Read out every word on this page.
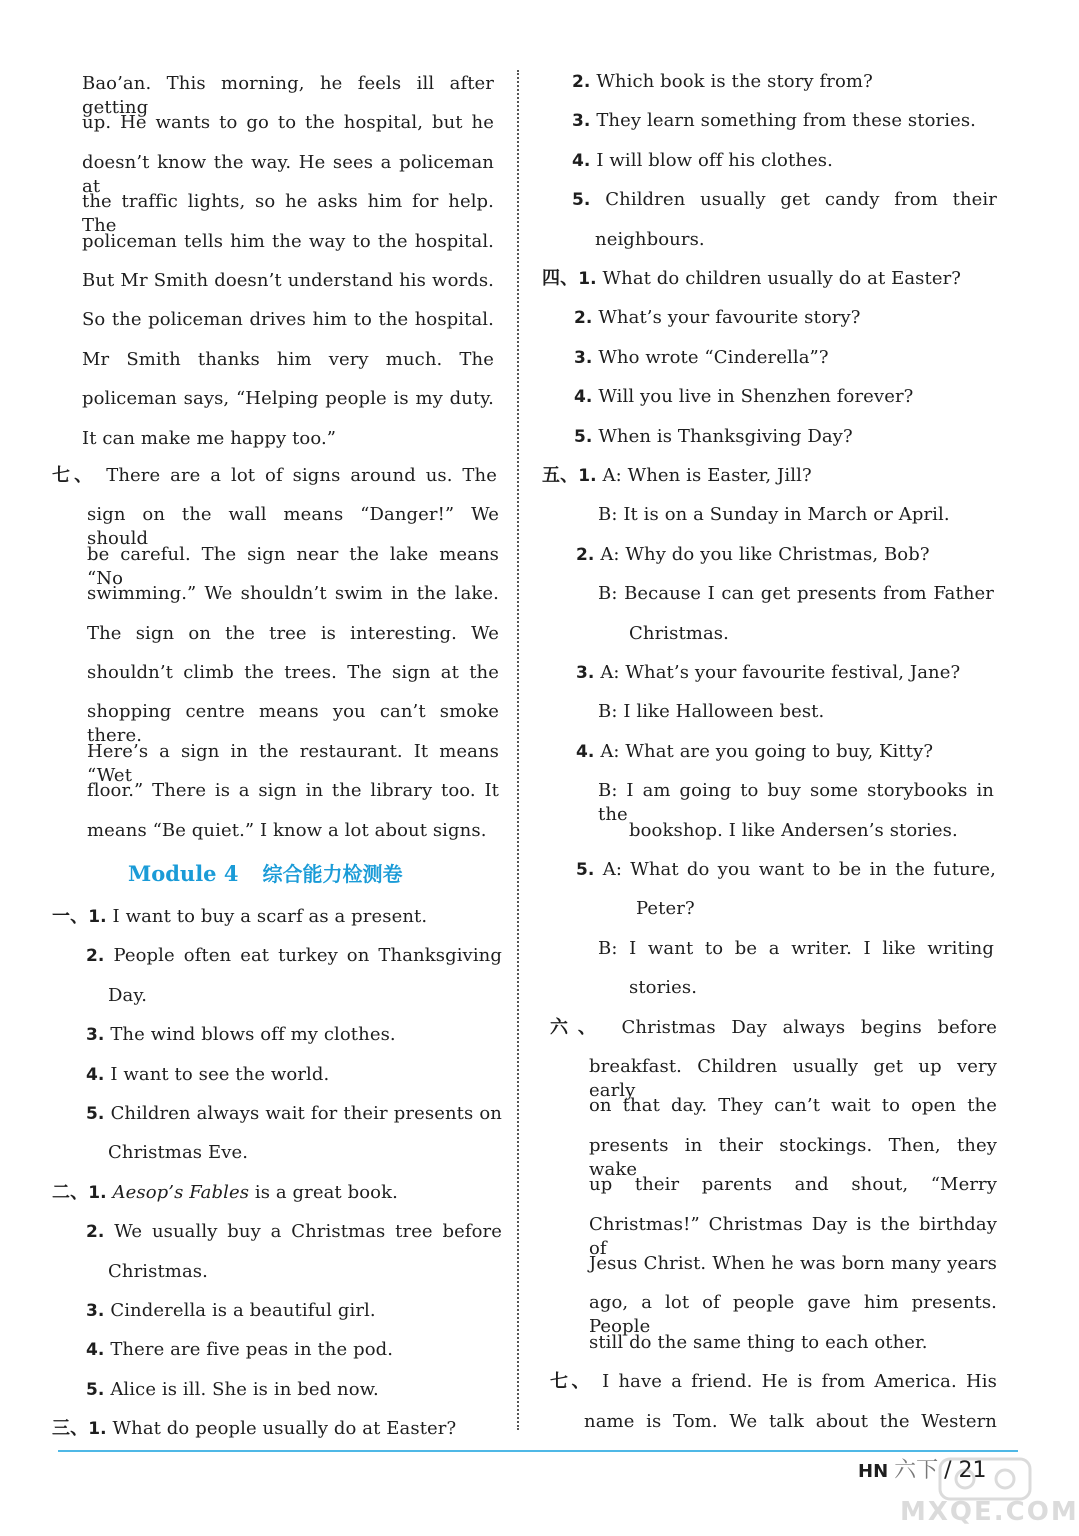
Bao’an. This morning, he feels ill after getting
up. He wants to go to the hospital, but he
doesn’t know the way. He sees a policeman at
the traffic lights, so he asks him for help. The
policeman tells him the way to the hospital.
But Mr Smith doesn’t understand his words.
So the policeman drives him to the hospital.
Mr Smith thanks him very much. The
policeman says, “Helping people is my duty.
It can make me happy too.”
七、 There are a lot of signs around us. The
sign on the wall means “Danger!” We should
be careful. The sign near the lake means “No
swimming.” We shouldn’t swim in the lake.
The sign on the tree is interesting. We
shouldn’t climb the trees. The sign at the
shopping centre means you can’t smoke there.
Here’s a sign in the restaurant. It means “Wet
floor.” There is a sign in the library too. It
means “Be quiet.” I know a lot about signs.
一、1. I want to buy a scarf as a present.
2. People often eat turkey on Thanksgiving
Day.
3. The wind blows off my clothes.
4. I want to see the world.
5. Children always wait for their presents on
Christmas Eve.
二、1. Aesop’s Fables is a great book.
2. We usually buy a Christmas tree before
Christmas.
3. Cinderella is a beautiful girl.
4. There are five peas in the pod.
5. Alice is ill. She is in bed now.
三、1. What do people usually do at Easter?
2. Which book is the story from?
3. They learn something from these stories.
4. I will blow off his clothes.
5. Children usually get candy from their
neighbours.
四、1. What do children usually do at Easter?
2. What’s your favourite story?
3. Who wrote “Cinderella”?
4. Will you live in Shenzhen forever?
5. When is Thanksgiving Day?
五、1. A: When is Easter, Jill?
B: It is on a Sunday in March or April.
2. A: Why do you like Christmas, Bob?
B: Because I can get presents from Father
Christmas.
3. A: What’s your favourite festival, Jane?
B: I like Halloween best.
4. A: What are you going to buy, Kitty?
B: I am going to buy some storybooks in the
bookshop. I like Andersen’s stories.
5. A: What do you want to be in the future,
Peter?
B: I want to be a writer. I like writing
stories.
六、 Christmas Day always begins before
breakfast. Children usually get up very early
on that day. They can’t wait to open the
presents in their stockings. Then, they wake
up their parents and shout, “Merry
Christmas!” Christmas Day is the birthday of
Jesus Christ. When he was born many years
ago, a lot of people gave him presents. People
still do the same thing to each other.
七、 I have a friend. He is from America. His
name is Tom. We talk about the Western
Module 4 综合能力检测卷
HN 六下 / 21
MXQE.COM
